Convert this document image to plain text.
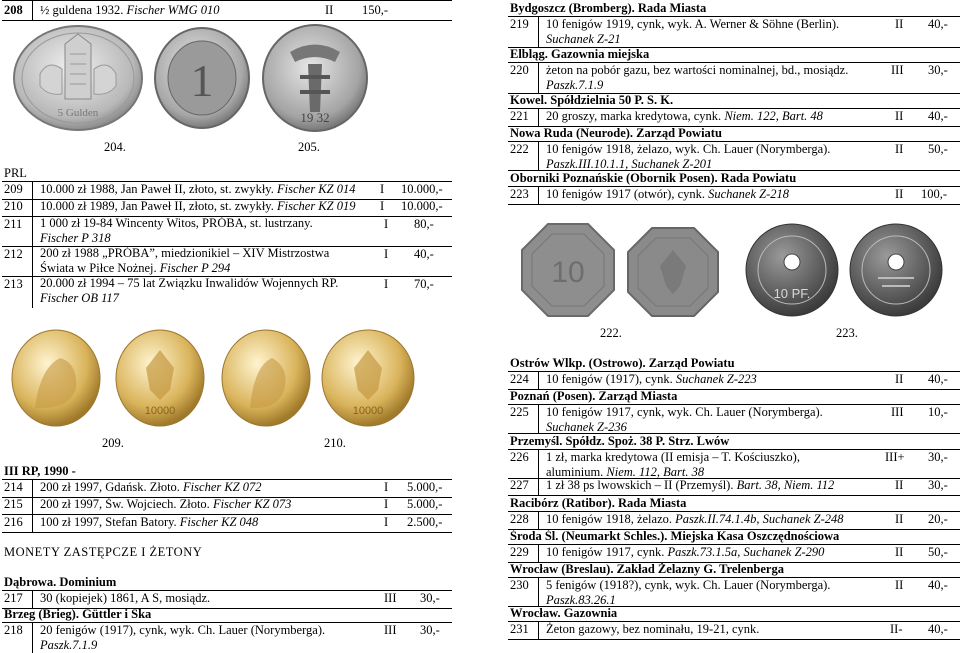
208 ½ guldena 1932. Fischer WMG 010	II 150,-
5 Gulden
1
19 32
204.	205.
PRL
209 10.000 zł 1988, Jan Paweł II, złoto, st. zwykły. Fischer KZ 014 I 10.000,-
210 10.000 zł 1989, Jan Paweł II, złoto, st. zwykły. Fischer KZ 019 I 10.000,-
211 1 000 zł 19-84 Wincenty Witos, PRÓBA, st. lustrzany.
Fischer P 318
I 80,-
212 200 zł 1988 „PRÓBA”, miedzionikiel – XIV Mistrzostwa
Świata w Piłce Nożnej. Fischer P 294
I 40,-
213 20.000 zł 1994 – 75 lat Związku Inwalidów Wojennych RP.
Fischer OB 117
I 70,-
10000	10000
209.	210.
III RP, 1990 -
214 200 zł 1997, Gdańsk. Złoto. Fischer KZ 072	I 5.000,-
215 200 zł 1997, Św. Wojciech. Złoto. Fischer KZ 073	I 5.000,-
216 100 zł 1997, Stefan Batory. Fischer KZ 048	I 2.500,-
MONETY ZASTĘPCZE I ŻETONY
Dąbrowa. Dominium
217 30 (kopiejek) 1861, A S, mosiądz.	III 30,-
Brzeg (Brieg). Güttler i Ska
218 20 fenigów (1917), cynk, wyk. Ch. Lauer (Norymberga).
Paszk.7.1.9
III 30,-
Bydgoszcz (Bromberg). Rada Miasta
219 10 fenigów 1919, cynk, wyk. A. Werner & Söhne (Berlin).
Suchanek Z-21
II 40,-
Elbląg. Gazownia miejska
220 żeton na pobór gazu, bez wartości nominalnej, bd., mosiądz.
Paszk.7.1.9
III 30,-
Kowel. Spółdzielnia 50 P. S. K.
221 20 groszy, marka kredytowa, cynk. Niem. 122, Bart. 48	II 40,-
Nowa Ruda (Neurode). Zarząd Powiatu
222 10 fenigów 1918, żelazo, wyk. Ch. Lauer (Norymberga).
Paszk.III.10.1.1, Suchanek Z-201
II 50,-
Oborniki Poznańskie (Obornik Posen). Rada Powiatu
223 10 fenigów 1917 (otwór), cynk. Suchanek Z-218	II 100,-
10
10 PF.
222.	223.
Ostrów Wlkp. (Ostrowo). Zarząd Powiatu
224 10 fenigów (1917), cynk. Suchanek Z-223	II 40,-
Poznań (Posen). Zarząd Miasta
225 10 fenigów 1917, cynk, wyk. Ch. Lauer (Norymberga).
Suchanek Z-236
III 10,-
Przemyśl. Spółdz. Spoż. 38 P. Strz. Lwów
226 1 zł, marka kredytowa (II emisja – T. Kościuszko),
aluminium. Niem. 112, Bart. 38
III+ 30,-
227 1 zł 38 ps lwowskich – II (Przemyśl). Bart. 38, Niem. 112	II 30,-
Racibórz (Ratibor). Rada Miasta
228 10 fenigów 1918, żelazo. Paszk.II.74.1.4b, Suchanek Z-248	II 20,-
Środa Śl. (Neumarkt Schles.). Miejska Kasa Oszczędnościowa
229 10 fenigów 1917, cynk. Paszk.73.1.5a, Suchanek Z-290	II 50,-
Wrocław (Breslau). Zakład Żelazny G. Trelenberga
230 5 fenigów (1918?), cynk, wyk. Ch. Lauer (Norymberga).
Paszk.83.26.1
II 40,-
Wrocław. Gazownia
231 Żeton gazowy, bez nominału, 19-21, cynk.	II- 40,-
